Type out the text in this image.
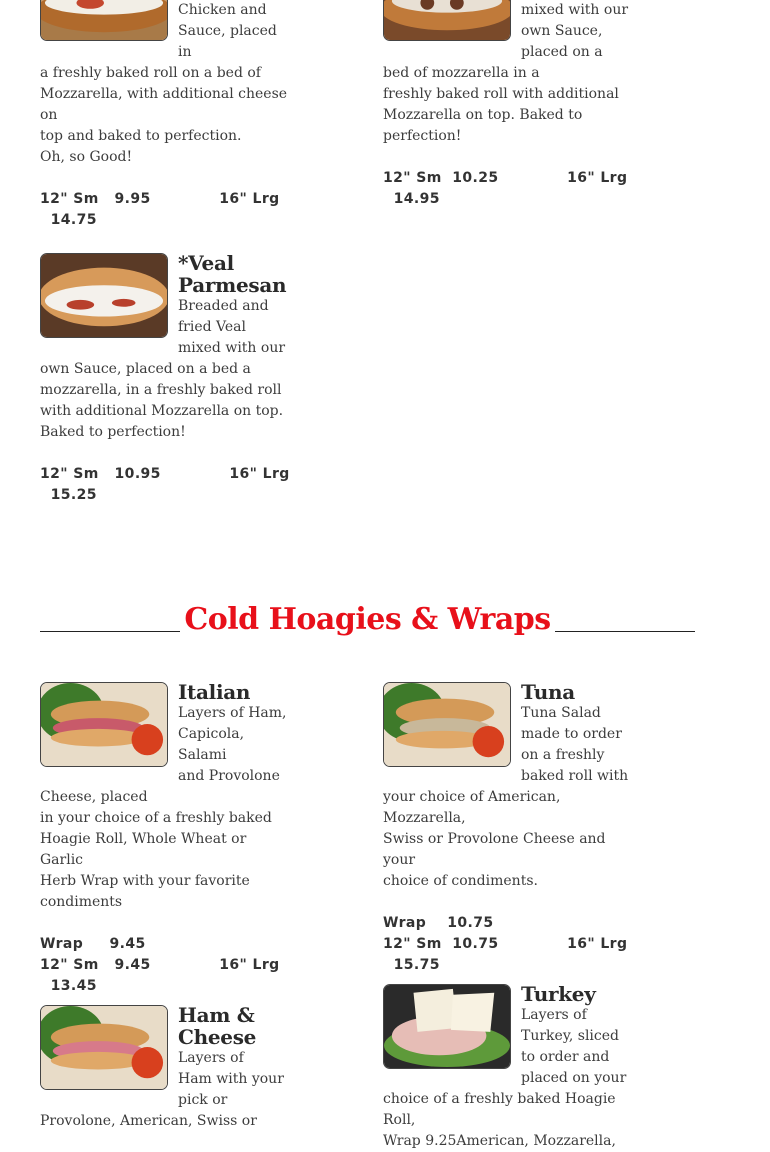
Chicken and
Sauce, placed in
a freshly baked roll on a bed of
Mozzarella, with additional cheese on
top and baked to perfection.
Oh, so Good!

12" Sm   9.95             16" Lrg
14.75

mixed with our
own Sauce,
placed on a bed of mozzarella in a
freshly baked roll with additional
Mozzarella on top. Baked to
perfection!

12" Sm  10.25             16" Lrg
14.95
*Veal Parmesan

Breaded and
fried Veal
mixed with our
own Sauce, placed on a bed a
mozzarella, in a freshly baked roll
with additional Mozzarella on top.
Baked to perfection!

12" Sm   10.95             16" Lrg
15.25
Cold Hoagies & Wraps
Italian

Layers of Ham,
Capicola, Salami
and Provolone
Cheese, placed
in your choice of a freshly baked
Hoagie Roll, Whole Wheat or Garlic
Herb Wrap with your favorite
condiments

Wrap     9.45
12" Sm   9.45             16" Lrg
13.45
Tuna

Tuna Salad
made to order
on a freshly
baked roll with
your choice of American, Mozzarella,
Swiss or Provolone Cheese and your
choice of condiments.

Wrap    10.75
12" Sm  10.75             16" Lrg
15.75
Ham & Cheese

Layers of
Ham with your
pick or
Provolone, American, Swiss or

Turkey

Layers of
Turkey, sliced
to order and
placed on your
choice of a freshly baked Hoagie Roll,
Wrap 9.25American, Mozzarella,
